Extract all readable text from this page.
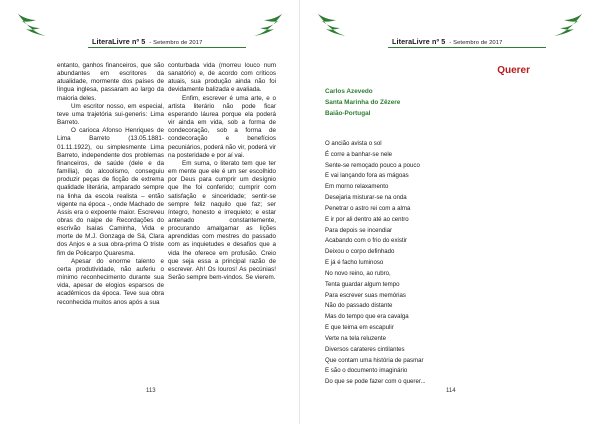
LiteraLivre nº 5 - Setembro de 2017

entanto, ganhos financeiros, que são abundantes em escritores da atualidade, mormente dos países de língua inglesa, passaram ao largo da maioria deles.

Um escritor nosso, em especial, teve uma trajetória sui-generis: Lima Barreto.

O carioca Afonso Henriques de Lima Barreto (13.05.1881-01.11.1922), ou simplesmente Lima Barreto, independente dos problemas financeiros, de saúde (dele e da família), do alcoolismo, conseguiu produzir peças de ficção de extrema qualidade literária, amparado sempre na linha da escola realista – então vigente na época -, onde Machado de Assis era o expoente maior. Escreveu obras do naipe de Recordações do escrivão Isaías Caminha, Vida e morte de M.J. Gonzaga de Sá, Clara dos Anjos e a sua obra-prima O triste fim de Policarpo Quaresma.

Apesar do enorme talento e certa produtividade, não auferiu o mínimo reconhecimento durante sua vida, apesar de elogios esparsos de acadêmicos da época. Teve sua obra reconhecida muitos anos após a sua

conturbada vida (morreu louco num sanatório) e, de acordo com críticos atuais, sua produção ainda não foi devidamente balizada e avaliada.

Enfim, escrever é uma arte, e o artista literário não pode ficar esperando láurea porque ela poderá vir ainda em vida, sob a forma de condecoração, sob a forma de condecoração e benefícios pecuniários, poderá não vir, poderá vir na posteridade e por aí vai.

Em suma, o literato tem que ter em mente que ele é um ser escolhido por Deus para cumprir um desígnio que lhe foi conferido; cumprir com satisfação e sinceridade; sentir-se sempre feliz naquilo que faz; ser íntegro, honesto e irrequieto; e estar antenado constantemente, procurando amalgamar as lições aprendidas com mestres do passado com as inquietudes e desafios que a vida lhe oferece em profusão. Creio que seja essa a principal razão de escrever. Ah! Os louros! As pecúnias! Serão sempre bem-vindos. Se vierem.

113
LiteraLivre nº 5 - Setembro de 2017
Carlos Azevedo
Santa Marinha do Zêzere
Baião-Portugal
O ancião avista o sol
É corre a banhar-se nele
Sente-se remoçado pouco a pouco
E vai lançando fora as mágoas
Em morno relaxamento
Desejaria misturar-se na onda
Penetrar o astro rei com a alma
E ir por ali dentro até ao centro
Para depois se incendiar
Acabando com o frio do existir
Deixou o corpo definhado
E já é facho luminoso
No novo reino, ao rubro,
Tenta guardar algum tempo
Para escrever suas memórias
Não do passado distante
Mas do tempo que era cavalga
E que teima em escapulir
Verte na tela reluzente
Diversos carateres cintilantes
Que contam uma história de pasmar
E são o documento imaginário
Do que se pode fazer com o querer...
114
Querer
